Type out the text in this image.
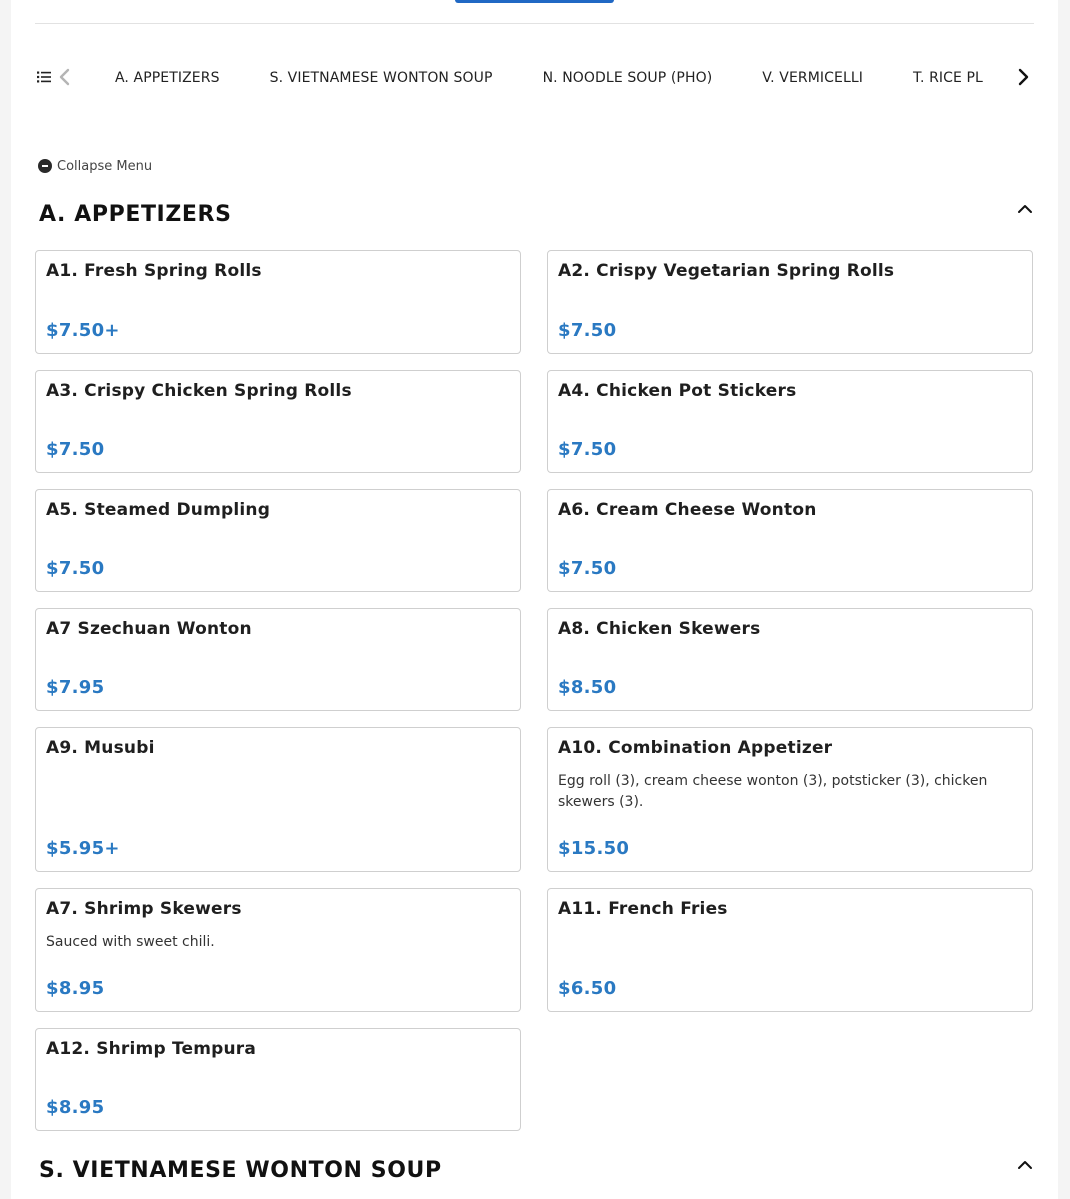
A. APPETIZERS	S. VIETNAMESE WONTON SOUP	N. NOODLE SOUP (PHO)	V. VERMICELLI	T. RICE PL
Collapse Menu
A. APPETIZERS
A1. Fresh Spring Rolls
$7.50+
A2. Crispy Vegetarian Spring Rolls
$7.50
A3. Crispy Chicken Spring Rolls
$7.50
A4. Chicken Pot Stickers
$7.50
A5. Steamed Dumpling
$7.50
A6. Cream Cheese Wonton
$7.50
A7 Szechuan Wonton
$7.95
A8. Chicken Skewers
$8.50
A9. Musubi
$5.95+
A10. Combination Appetizer
Egg roll (3), cream cheese wonton (3), potsticker (3), chicken skewers (3).
$15.50
A7. Shrimp Skewers
Sauced with sweet chili.
$8.95
A11. French Fries
$6.50
A12. Shrimp Tempura
$8.95
S. VIETNAMESE WONTON SOUP
